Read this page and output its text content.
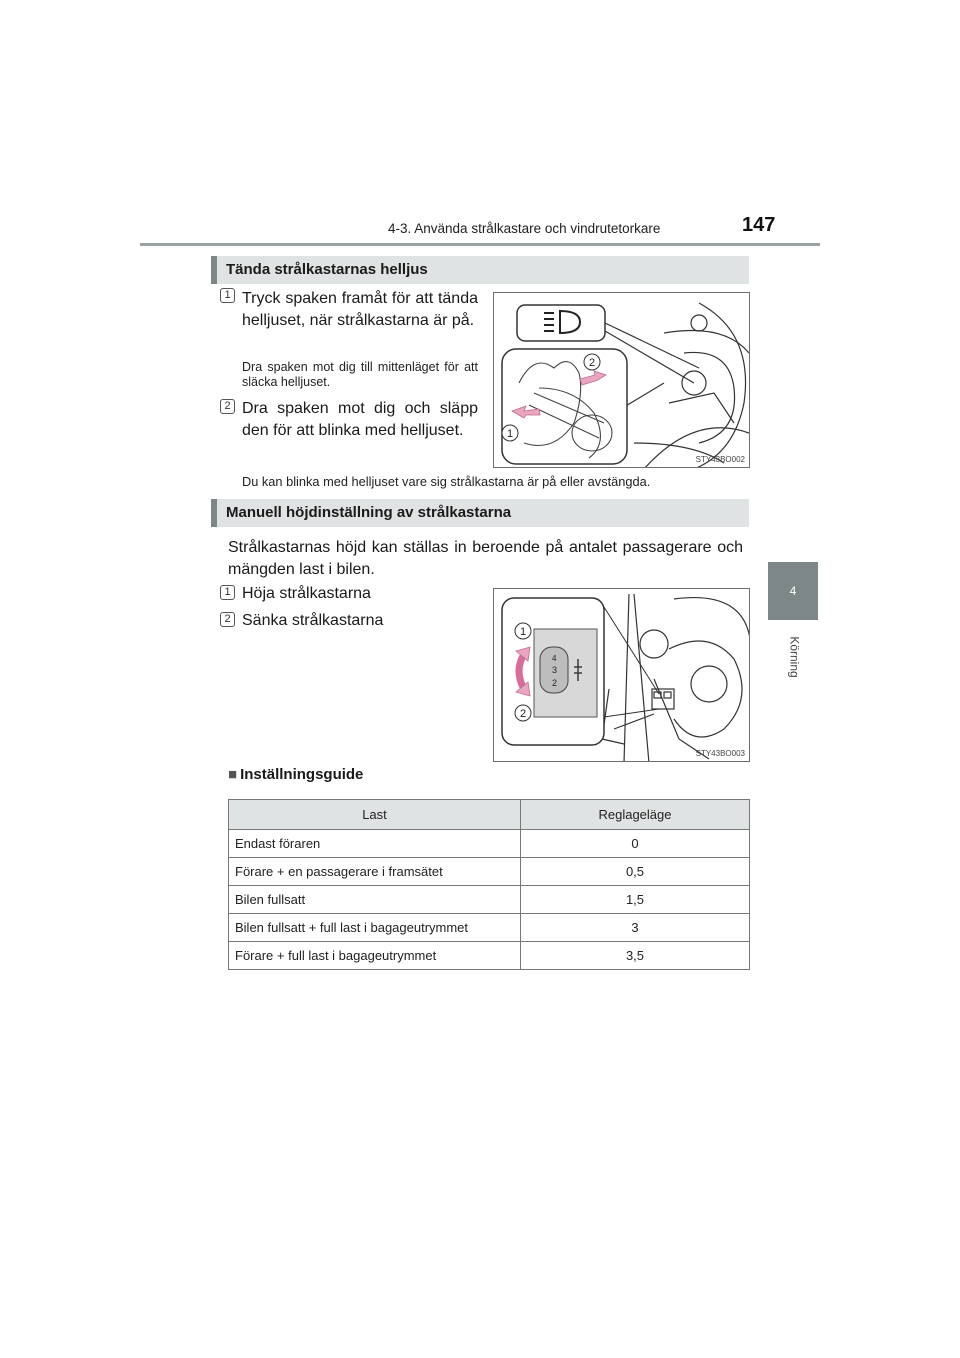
4-3. Använda strålkastare och vindrutetorkare	147
4
Körning
Tända strålkastarnas helljus
1 Tryck spaken framåt för att tända helljuset, när strålkastarna är på.
Dra spaken mot dig till mittenläget för att släcka helljuset.
2 Dra spaken mot dig och släpp den för att blinka med helljuset.
Du kan blinka med helljuset vare sig strålkastarna är på eller avstängda.
2
1
STY43BO002
Manuell höjdinställning av strålkastarna
Strålkastarnas höjd kan ställas in beroende på antalet passagerare och mängden last i bilen.
1 Höja strålkastarna
2 Sänka strålkastarna
4
3
2
1
2
STY43BO003
■ Inställningsguide
Last	Reglageläge
Endast föraren	0
Förare + en passagerare i framsätet	0,5
Bilen fullsatt	1,5
Bilen fullsatt + full last i bagageutrymmet	3
Förare + full last i bagageutrymmet	3,5
